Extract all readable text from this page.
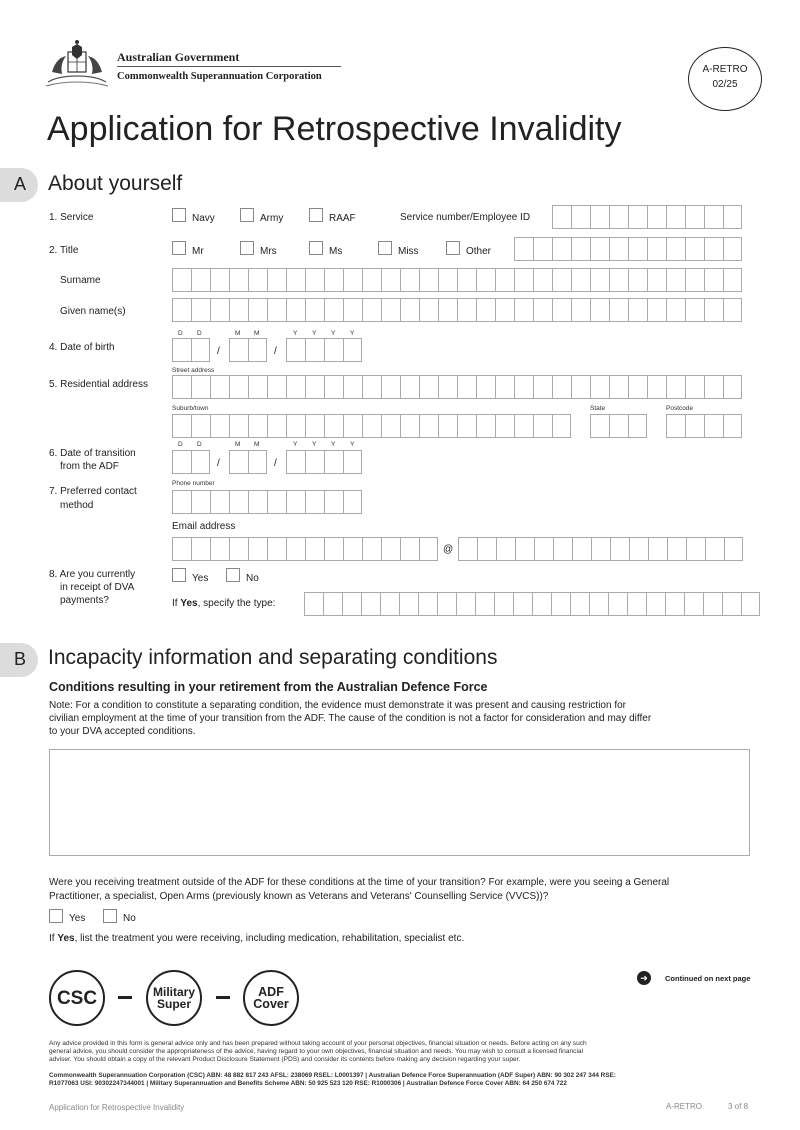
Australian Government
Commonwealth Superannuation Corporation
A-RETRO
02/25
Application for Retrospective Invalidity
A About yourself
1. Service	Navy	Army	RAAF	Service number/Employee ID
2. Title	Mr	Mrs	Ms	Miss	Other
Surname
Given name(s)
D D	M M	Y Y Y Y
4. Date of birth	/	/
Street address
5. Residential address
Suburb/town	State	Postcode
D D	M M	Y Y Y Y
6. Date of transition
from the ADF	/	/
Phone number
7. Preferred contact
method
Email address
@
8. Are you currently
in receipt of DVA
payments?
Yes	No
If Yes, specify the type:
B Incapacity information and separating conditions
Conditions resulting in your retirement from the Australian Defence Force
Note: For a condition to constitute a separating condition, the evidence must demonstrate it was present and causing restriction for
civilian employment at the time of your transition from the ADF. The cause of the condition is not a factor for consideration and may differ
to your DVA accepted conditions.
Were you receiving treatment outside of the ADF for these conditions at the time of your transition? For example, were you seeing a General
Practitioner, a specialist, Open Arms (previously known as Veterans and Veterans' Counselling Service (VVCS))?
Yes	No
If Yes, list the treatment you were receiving, including medication, rehabilitation, specialist etc.
CSC	Military
Super
ADF
Cover
➜	Continued on next page
Any advice provided in this form is general advice only and has been prepared without taking account of your personal objectives, financial situation or needs. Before acting on any such
general advice, you should consider the appropriateness of the advice, having regard to your own objectives, financial situation and needs. You may wish to consult a licensed financial
adviser. You should obtain a copy of the relevant Product Disclosure Statement (PDS) and consider its contents before making any decision regarding your super.
Commonwealth Superannuation Corporation (CSC) ABN: 48 882 817 243 AFSL: 238069 RSEL: L0001397 | Australian Defence Force Superannuation (ADF Super) ABN: 90 302 247 344 RSE:
R1077063 USI: 90302247344001 | Military Superannuation and Benefits Scheme ABN: 50 925 523 120 RSE: R1000306 | Australian Defence Force Cover ABN: 64 250 674 722
Application for Retrospective Invalidity	A-RETRO	3 of 8
